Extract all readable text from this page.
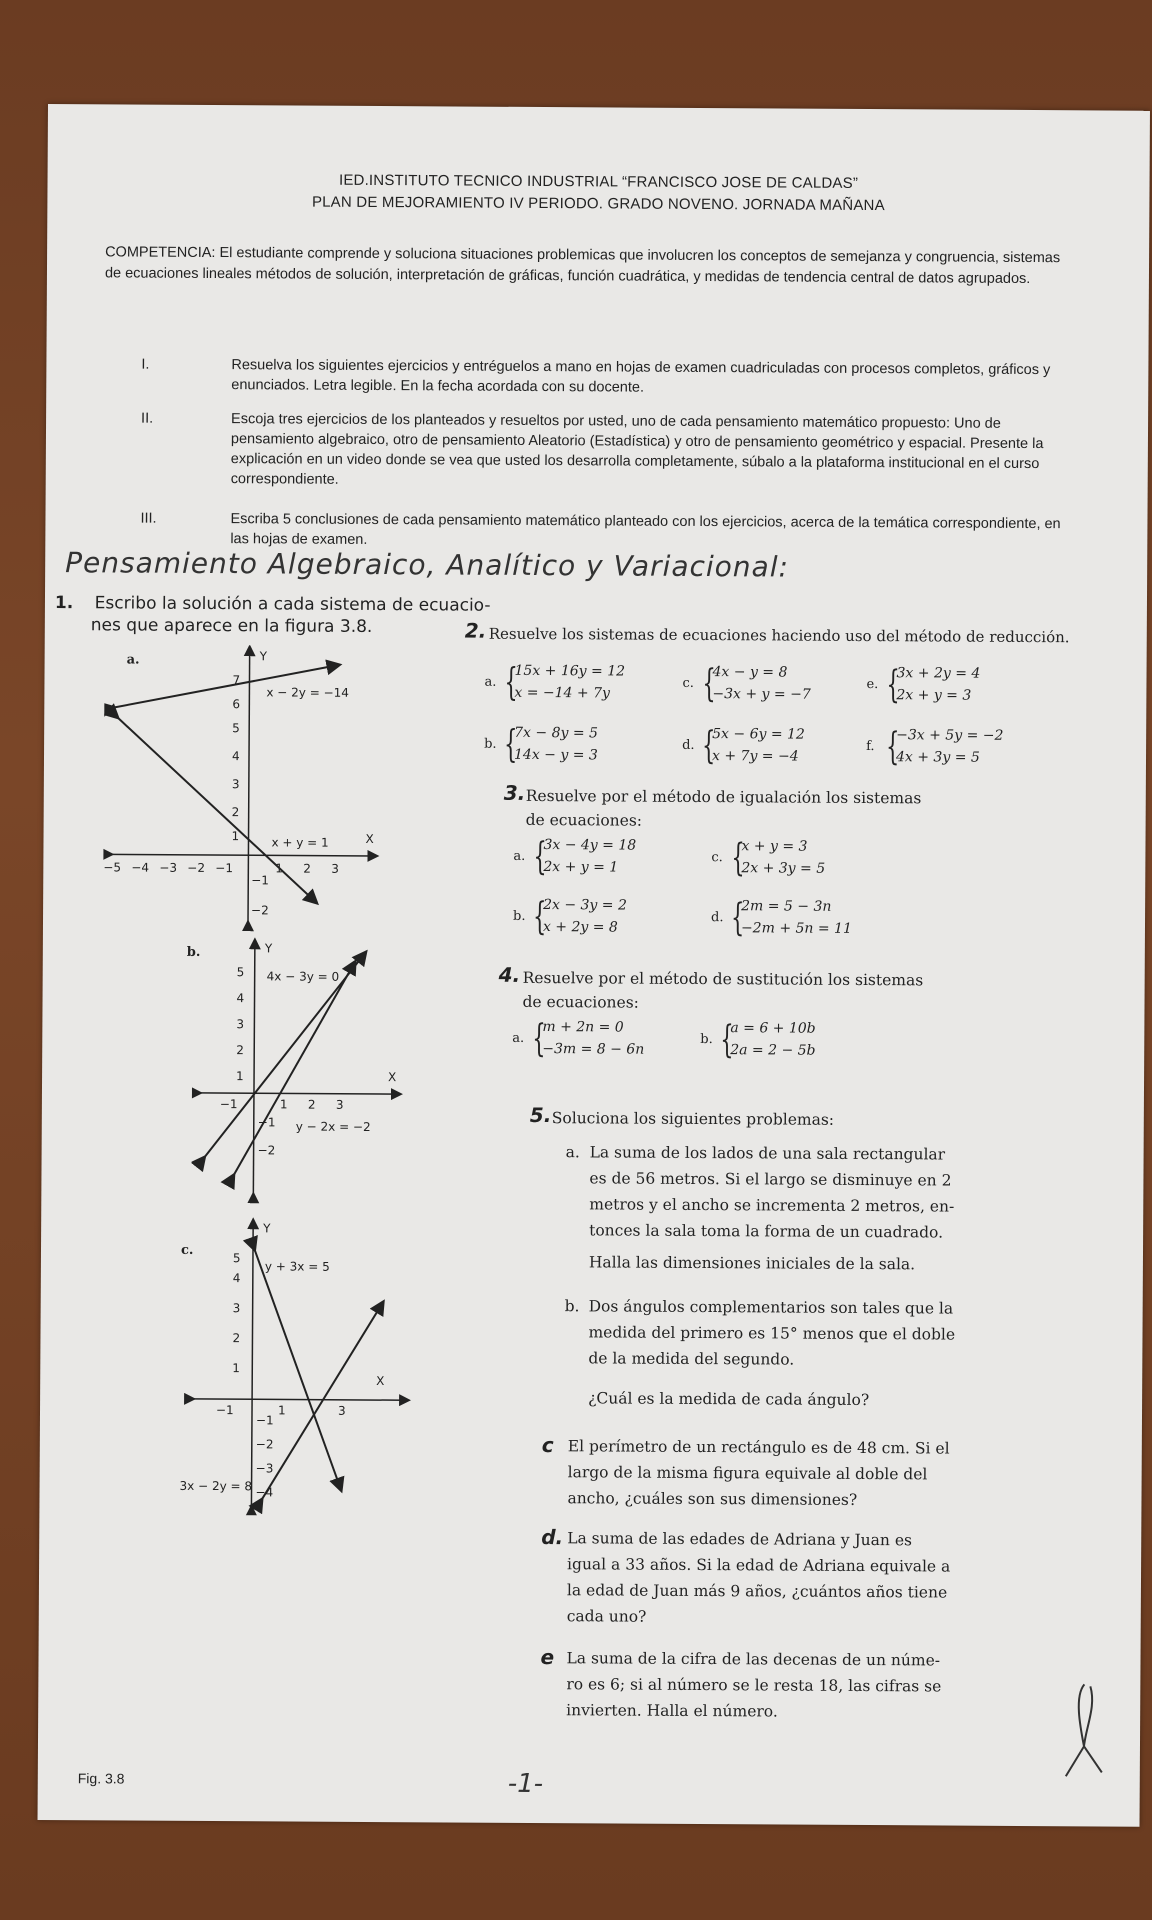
IED.INSTITUTO TECNICO INDUSTRIAL “FRANCISCO JOSE DE CALDAS”
PLAN DE MEJORAMIENTO IV PERIODO. GRADO NOVENO. JORNADA MAÑANA
COMPETENCIA: El estudiante comprende y soluciona situaciones problemicas que involucren los conceptos de semejanza y congruencia, sistemas de ecuaciones lineales métodos de solución, interpretación de gráficas, función cuadrática, y medidas de tendencia central de datos agrupados.
I.	Resuelva los siguientes ejercicios y entréguelos a mano en hojas de examen cuadriculadas con procesos completos, gráficos y enunciados. Letra legible. En la fecha acordada con su docente.
II.	Escoja tres ejercicios de los planteados y resueltos por usted, uno de cada pensamiento matemático propuesto: Uno de pensamiento algebraico, otro de pensamiento Aleatorio (Estadística) y otro de pensamiento geométrico y espacial. Presente la explicación en un video donde se vea que usted los desarrolla completamente, súbalo a la plataforma institucional en el curso correspondiente.
III.	Escriba 5 conclusiones de cada pensamiento matemático planteado con los ejercicios, acerca de la temática correspondiente, en las hojas de examen.
Pensamiento Algebraico, Analítico y Variacional:
1. Escribo la solución a cada sistema de ecuacio-
nes que aparece en la figura 3.8.
a.	Y
X
x − 2y = −14
x + y = 1
7
6
5
4
3
2
1
−1
−2
−5 −4 −3 −2 −1	1 2 3
b.	Y
X
4x − 3y = 0
y − 2x = −2
5
4
3
2
1
−1
−2
−1	1 2 3
c.
Y
X
y + 3x = 5
3x − 2y = 8
5
4
3
2
1
−1
−2
−3
−4
−1	1	3
Fig. 3.8
2. Resuelve los sistemas de ecuaciones haciendo uso del método de reducción.
a. {
15x + 16y = 12
x = −14 + 7y
c. {
4x − y = 8
−3x + y = −7
e. {
3x + 2y = 4
2x + y = 3
b. {
7x − 8y = 5
14x − y = 3
d. {
5x − 6y = 12
x + 7y = −4
f. {
−3x + 5y = −2
4x + 3y = 5
3. Resuelve por el método de igualación los sistemas
de ecuaciones:
a. {
3x − 4y = 18
2x + y = 1
c. {
x + y = 3
2x + 3y = 5
b. {
2x − 3y = 2
x + 2y = 8
d. {
2m = 5 − 3n
−2m + 5n = 11
4. Resuelve por el método de sustitución los sistemas
de ecuaciones:
a. {
m + 2n = 0
−3m = 8 − 6n
b. {
a = 6 + 10b
2a = 2 − 5b
5. Soluciona los siguientes problemas:
a. La suma de los lados de una sala rectangular
es de 56 metros. Si el largo se disminuye en 2
metros y el ancho se incrementa 2 metros, en-
tonces la sala toma la forma de un cuadrado.
Halla las dimensiones iniciales de la sala.
b. Dos ángulos complementarios son tales que la
medida del primero es 15° menos que el doble
de la medida del segundo.
¿Cuál es la medida de cada ángulo?
c El perímetro de un rectángulo es de 48 cm. Si el
largo de la misma figura equivale al doble del
ancho, ¿cuáles son sus dimensiones?
d. La suma de las edades de Adriana y Juan es
igual a 33 años. Si la edad de Adriana equivale a
la edad de Juan más 9 años, ¿cuántos años tiene
cada uno?
e La suma de la cifra de las decenas de un núme-
ro es 6; si al número se le resta 18, las cifras se
invierten. Halla el número.
-1-
